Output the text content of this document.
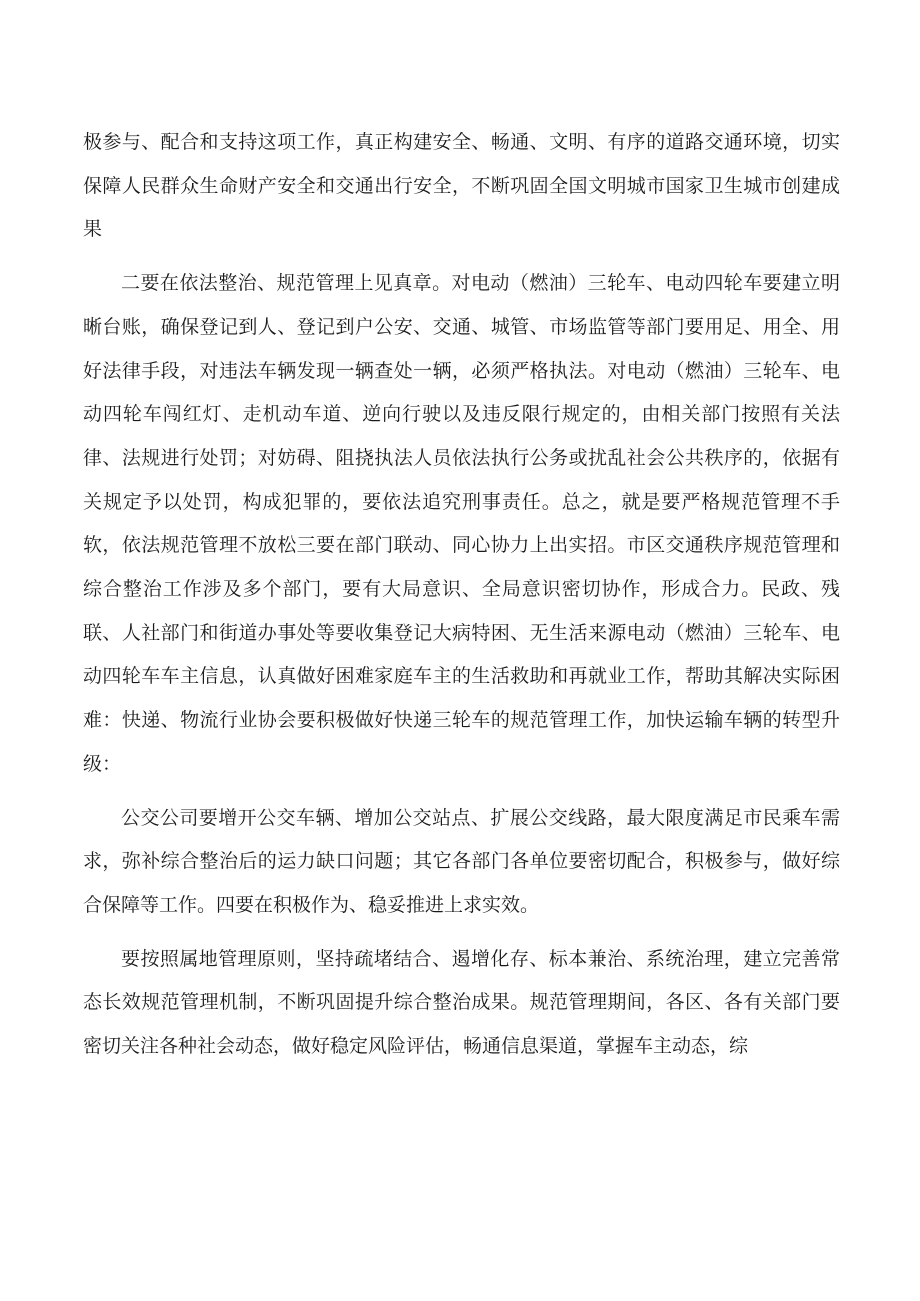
极参与、配合和支持这项工作，真正构建安全、畅通、文明、有序的道路交通环境，切实保障人民群众生命财产安全和交通出行安全，不断巩固全国文明城市国家卫生城市创建成果

二要在依法整治、规范管理上见真章。对电动（燃油）三轮车、电动四轮车要建立明晰台账，确保登记到人、登记到户公安、交通、城管、市场监管等部门要用足、用全、用好法律手段，对违法车辆发现一辆查处一辆，必须严格执法。对电动（燃油）三轮车、电动四轮车闯红灯、走机动车道、逆向行驶以及违反限行规定的，由相关部门按照有关法律、法规进行处罚；对妨碍、阻挠执法人员依法执行公务或扰乱社会公共秩序的，依据有关规定予以处罚，构成犯罪的，要依法追究刑事责任。总之，就是要严格规范管理不手软，依法规范管理不放松三要在部门联动、同心协力上出实招。市区交通秩序规范管理和综合整治工作涉及多个部门，要有大局意识、全局意识密切协作，形成合力。民政、残联、人社部门和街道办事处等要收集登记大病特困、无生活来源电动（燃油）三轮车、电动四轮车车主信息，认真做好困难家庭车主的生活救助和再就业工作，帮助其解决实际困难：快递、物流行业协会要积极做好快递三轮车的规范管理工作，加快运输车辆的转型升级：

公交公司要增开公交车辆、增加公交站点、扩展公交线路，最大限度满足市民乘车需求，弥补综合整治后的运力缺口问题；其它各部门各单位要密切配合，积极参与，做好综合保障等工作。四要在积极作为、稳妥推进上求实效。

要按照属地管理原则，坚持疏堵结合、遏增化存、标本兼治、系统治理，建立完善常态长效规范管理机制，不断巩固提升综合整治成果。规范管理期间，各区、各有关部门要密切关注各种社会动态，做好稳定风险评估，畅通信息渠道，掌握车主动态，综
